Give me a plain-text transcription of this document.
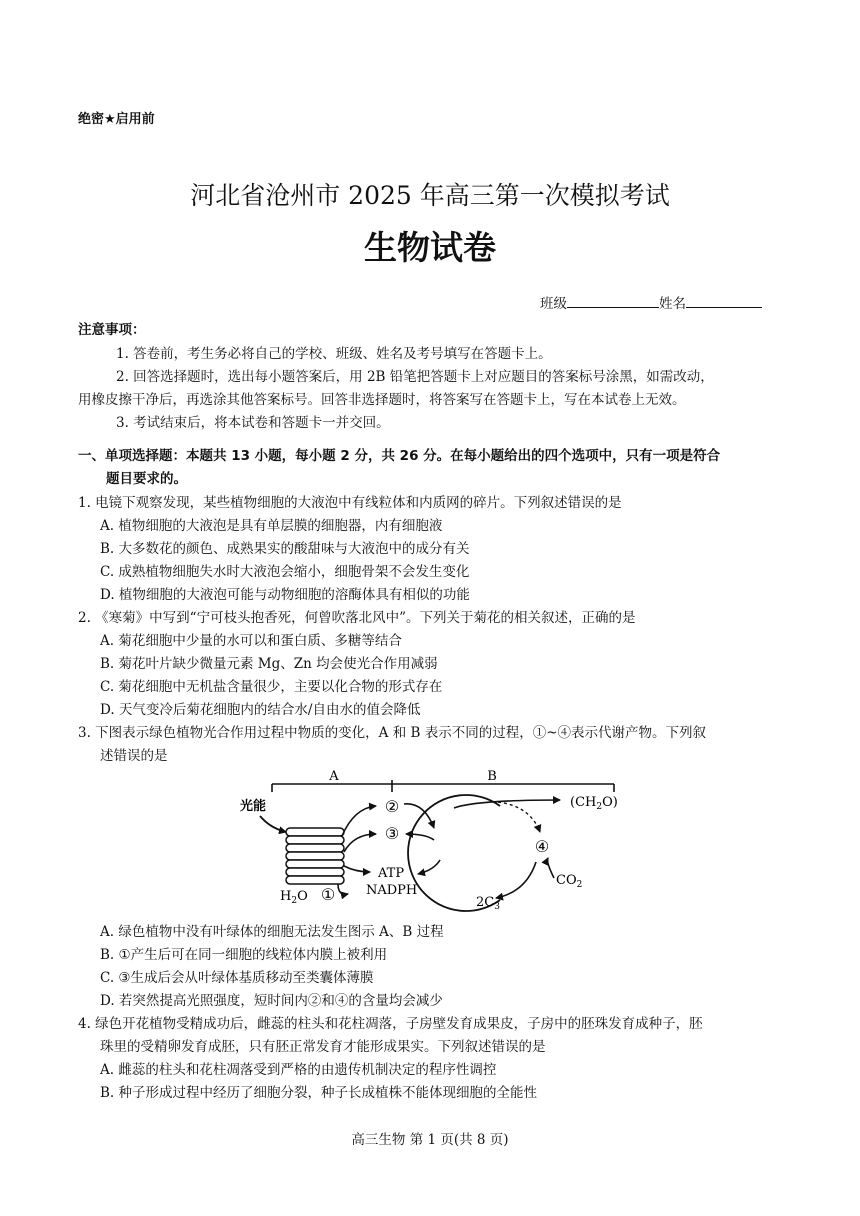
绝密★启用前
河北省沧州市 2025 年高三第一次模拟考试
生物试卷
班级	姓名
注意事项：
1. 答卷前，考生务必将自己的学校、班级、姓名及考号填写在答题卡上。
2. 回答选择题时，选出每小题答案后，用 2B 铅笔把答题卡上对应题目的答案标号涂黑，如需改动，
用橡皮擦干净后，再选涂其他答案标号。回答非选择题时，将答案写在答题卡上，写在本试卷上无效。
3. 考试结束后，将本试卷和答题卡一并交回。
一、单项选择题：本题共 13 小题，每小题 2 分，共 26 分。在每小题给出的四个选项中，只有一项是符合
题目要求的。
1. 电镜下观察发现，某些植物细胞的大液泡中有线粒体和内质网的碎片。下列叙述错误的是
A. 植物细胞的大液泡是具有单层膜的细胞器，内有细胞液
B. 大多数花的颜色、成熟果实的酸甜味与大液泡中的成分有关
C. 成熟植物细胞失水时大液泡会缩小，细胞骨架不会发生变化
D. 植物细胞的大液泡可能与动物细胞的溶酶体具有相似的功能
2. 《寒菊》中写到“宁可枝头抱香死，何曾吹落北风中”。下列关于菊花的相关叙述，正确的是
A. 菊花细胞中少量的水可以和蛋白质、多糖等结合
B. 菊花叶片缺少微量元素 Mg、Zn 均会使光合作用减弱
C. 菊花细胞中无机盐含量很少，主要以化合物的形式存在
D. 天气变冷后菊花细胞内的结合水/自由水的值会降低
3. 下图表示绿色植物光合作用过程中物质的变化，A 和 B 表示不同的过程，①~④表示代谢产物。下列叙
述错误的是
A	B
光能	②
③
ATP
NADPH
$H_2O$ ①
$(CH_2O)$
④
$CO_2$
$2C_3$
A. 绿色植物中没有叶绿体的细胞无法发生图示 A、B 过程
B. ①产生后可在同一细胞的线粒体内膜上被利用
C. ③生成后会从叶绿体基质移动至类囊体薄膜
D. 若突然提高光照强度，短时间内②和④的含量均会减少
4. 绿色开花植物受精成功后，雌蕊的柱头和花柱凋落，子房壁发育成果皮，子房中的胚珠发育成种子，胚
珠里的受精卵发育成胚，只有胚正常发育才能形成果实。下列叙述错误的是
A. 雌蕊的柱头和花柱凋落受到严格的由遗传机制决定的程序性调控
B. 种子形成过程中经历了细胞分裂，种子长成植株不能体现细胞的全能性
高三生物 第 1 页(共 8 页)
